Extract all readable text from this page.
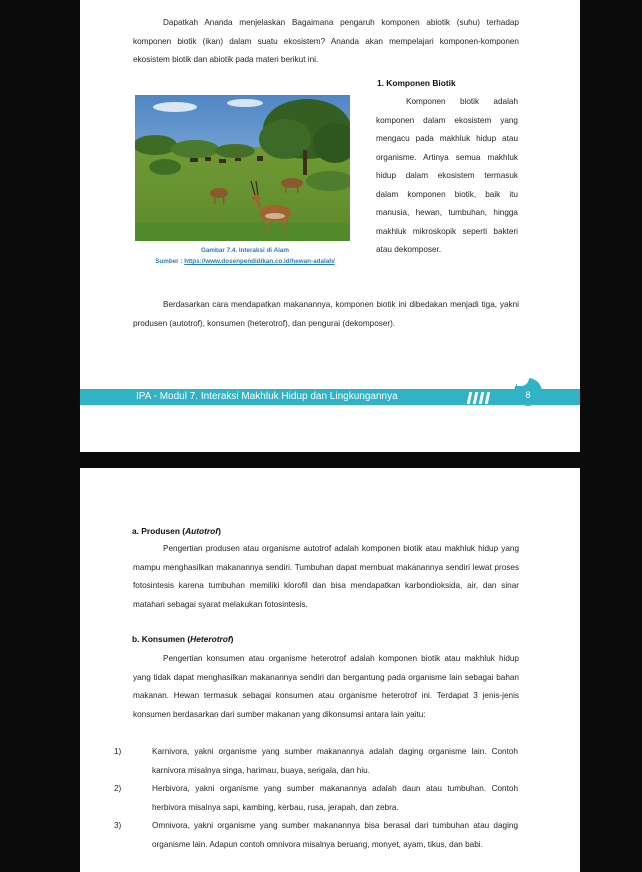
Dapatkah Ananda menjelaskan Bagaimana pengaruh komponen abiotik (suhu) terhadap komponen biotik (ikan) dalam suatu ekosistem? Ananda akan mempelajari komponen-komponen ekosistem biotik dan abiotik pada materi berikut ini.

1. Komponen Biotik

Komponen biotik adalah komponen dalam ekosistem yang mengacu pada makhluk hidup atau organisme. Artinya semua makhluk hidup dalam ekosistem termasuk dalam komponen biotik, baik itu manusia, hewan, tumbuhan, hingga makhluk mikroskopik seperti bakteri atau dekomposer.

Gambar 7.4. Interaksi di Alam

Sumber : https://www.dosenpendidikan.co.id/hewan-adalah/

Berdasarkan cara mendapatkan makanannya, komponen biotik ini dibedakan menjadi tiga, yakni produsen (autotrof), konsumen (heterotrof), dan pengurai (dekomposer).

IPA - Modul 7. Interaksi Makhluk Hidup dan Lingkungannya	8

a. Produsen (Autotrof)

Pengertian produsen atau organisme autotrof adalah komponen biotik atau makhluk hidup yang mampu menghasilkan makanannya sendiri. Tumbuhan dapat membuat makanannya sendiri lewat proses fotosintesis karena tumbuhan memiliki klorofil dan bisa mendapatkan karbondioksida, air, dan sinar matahari sebagai syarat melakukan fotosintesis.

b. Konsumen (Heterotrof)

Pengertian konsumen atau organisme heterotrof adalah komponen biotik atau makhluk hidup yang tidak dapat menghasilkan makanannya sendiri dan bergantung pada organisme lain sebagai bahan makanan. Hewan termasuk sebagai konsumen atau organisme heterotrof ini. Terdapat 3 jenis-jenis konsumen berdasarkan dari sumber makanan yang dikonsumsi antara lain yaitu:

1)	Karnivora, yakni organisme yang sumber makanannya adalah daging organisme lain. Contoh karnivora misalnya singa, harimau, buaya, serigala, dan hiu.

2)	Herbivora, yakni organisme yang sumber makanannya adalah daun atau tumbuhan. Contoh herbivora misalnya sapi, kambing, kerbau, rusa, jerapah, dan zebra.

3)	Omnivora, yakni organisme yang sumber makanannya bisa berasal dari tumbuhan atau daging organisme lain. Adapun contoh omnivora misalnya beruang, monyet, ayam, tikus, dan babi.
